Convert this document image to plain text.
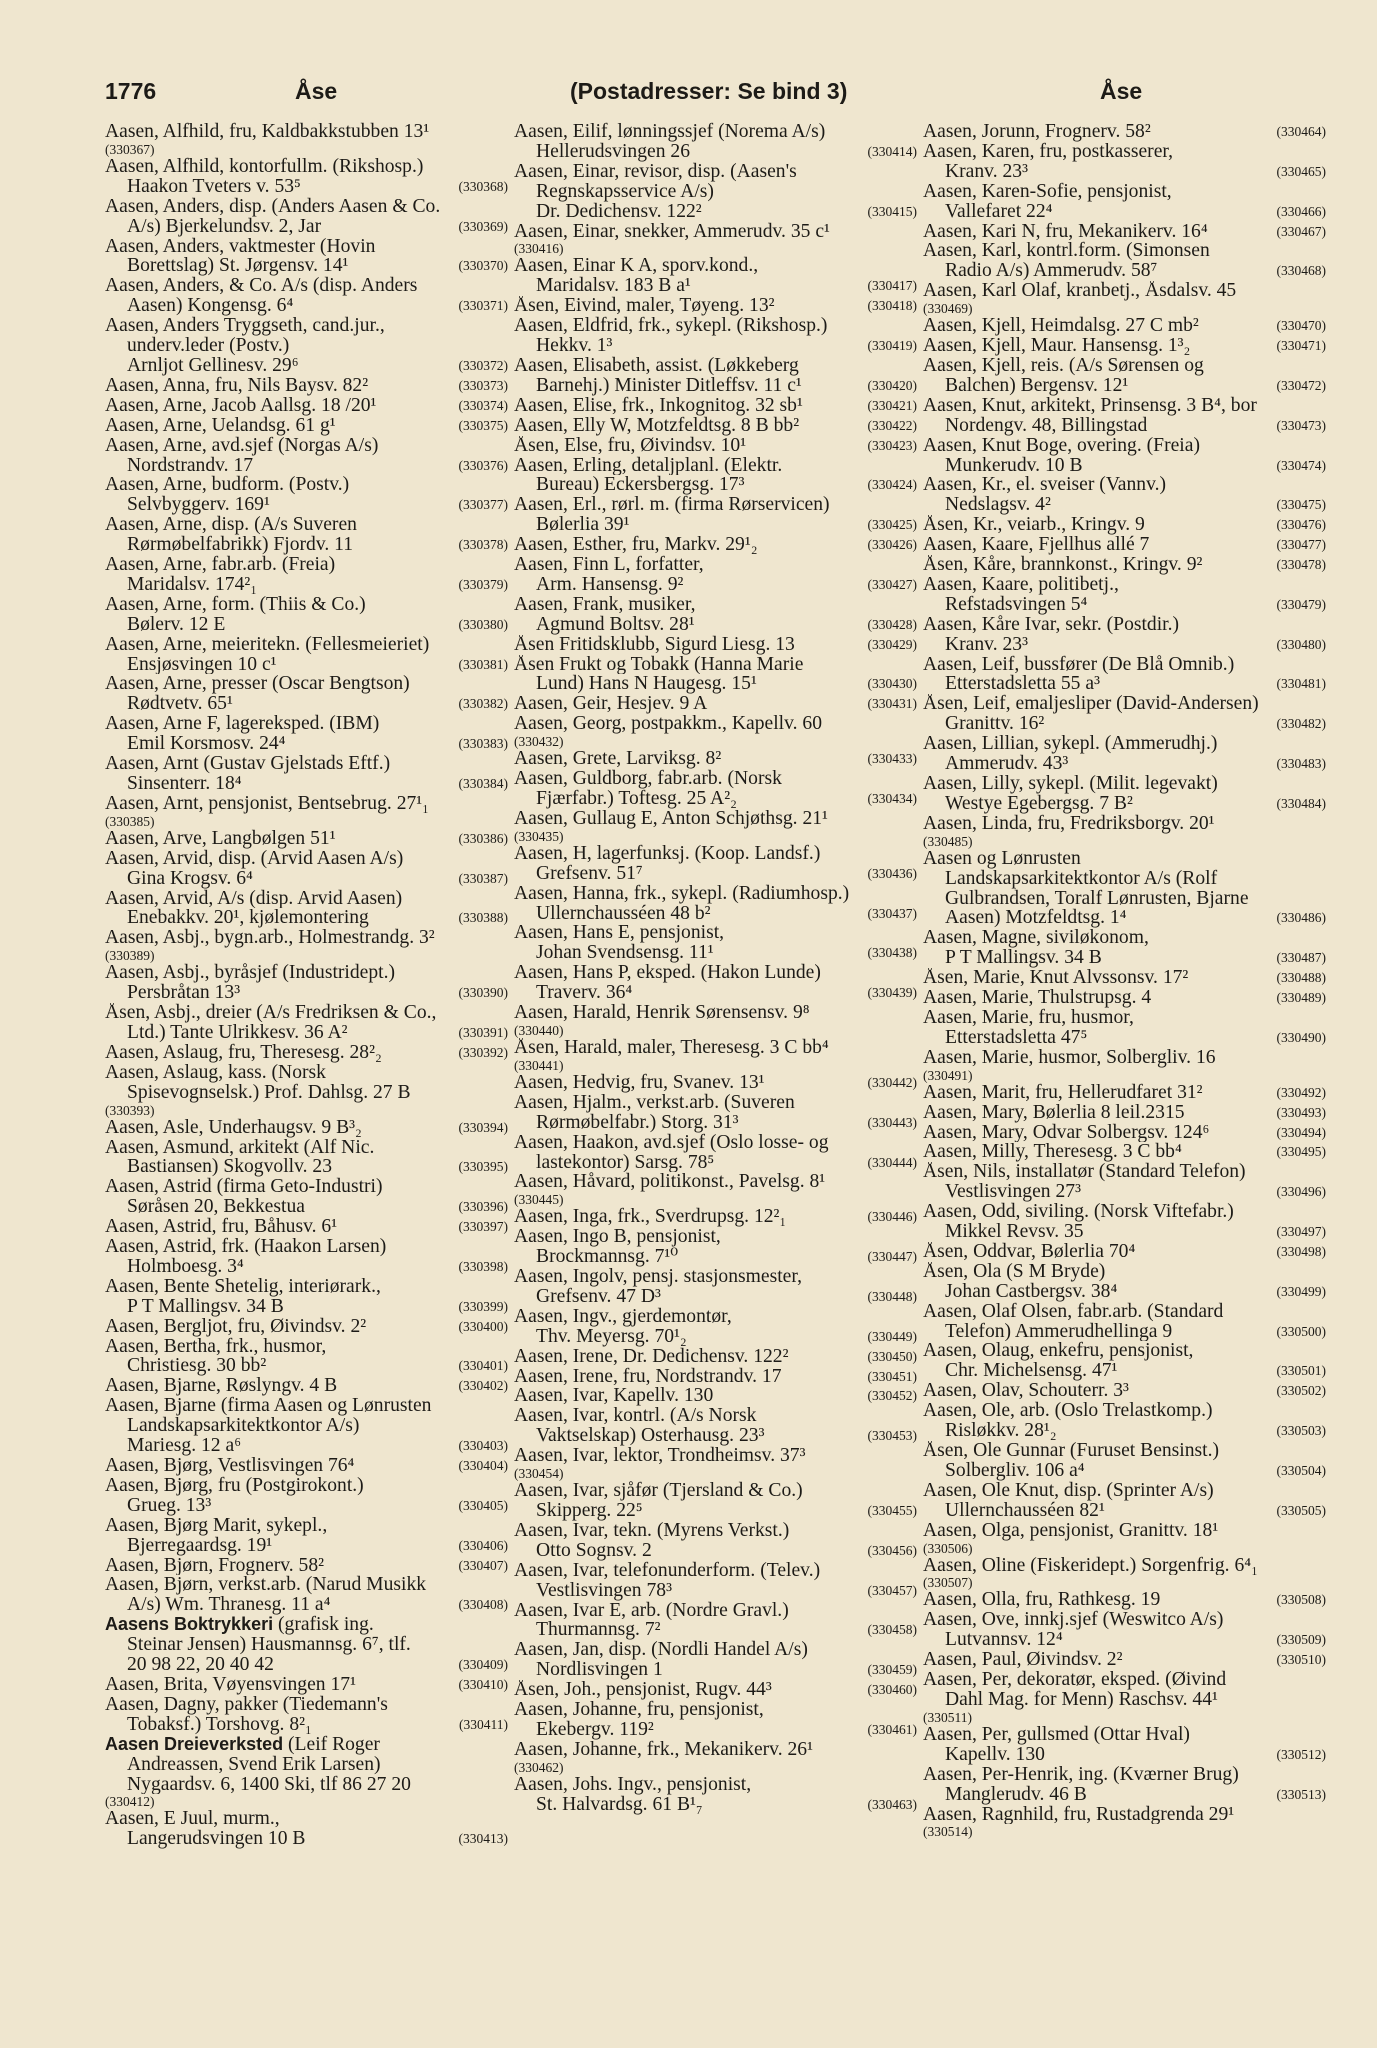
1776	Åse	(Postadresser: Se bind 3)	Åse
Aasen, Alfhild, fru, Kaldbakkstubben 13¹
(330367)
Aasen, Alfhild, kontorfullm. (Rikshosp.)
Haakon Tveters v. 53⁵	(330368)
Aasen, Anders, disp. (Anders Aasen & Co.
A/s) Bjerkelundsv. 2, Jar	(330369)
Aasen, Anders, vaktmester (Hovin
Borettslag) St. Jørgensv. 14¹	(330370)
Aasen, Anders, & Co. A/s (disp. Anders
Aasen) Kongensg. 6⁴	(330371)
Aasen, Anders Tryggseth, cand.jur.,
underv.leder (Postv.)
Arnljot Gellinesv. 29⁶	(330372)
Aasen, Anna, fru, Nils Baysv. 82²	(330373)
Aasen, Arne, Jacob Aallsg. 18 /20¹	(330374)
Aasen, Arne, Uelandsg. 61 g¹	(330375)
Aasen, Arne, avd.sjef (Norgas A/s)
Nordstrandv. 17	(330376)
Aasen, Arne, budform. (Postv.)
Selvbyggerv. 169¹	(330377)
Aasen, Arne, disp. (A/s Suveren
Rørmøbelfabrikk) Fjordv. 11	(330378)
Aasen, Arne, fabr.arb. (Freia)
Maridalsv. 174²₁	(330379)
Aasen, Arne, form. (Thiis & Co.)
Bølerv. 12 E	(330380)
Aasen, Arne, meieritekn. (Fellesmeieriet)
Ensjøsvingen 10 c¹	(330381)
Aasen, Arne, presser (Oscar Bengtson)
Rødtvetv. 65¹	(330382)
Aasen, Arne F, lagereksped. (IBM)
Emil Korsmosv. 24⁴	(330383)
Aasen, Arnt (Gustav Gjelstads Eftf.)
Sinsenterr. 18⁴	(330384)
Aasen, Arnt, pensjonist, Bentsebrug. 27¹₁
(330385)
Aasen, Arve, Langbølgen 51¹	(330386)
Aasen, Arvid, disp. (Arvid Aasen A/s)
Gina Krogsv. 6⁴	(330387)
Aasen, Arvid, A/s (disp. Arvid Aasen)
Enebakkv. 20¹, kjølemontering	(330388)
Aasen, Asbj., bygn.arb., Holmestrandg. 3²
(330389)
Aasen, Asbj., byråsjef (Industridept.)
Persbråtan 13³	(330390)
Åsen, Asbj., dreier (A/s Fredriksen & Co.,
Ltd.) Tante Ulrikkesv. 36 A²	(330391)
Aasen, Aslaug, fru, Theresesg. 28²₂	(330392)
Aasen, Aslaug, kass. (Norsk
Spisevognselsk.) Prof. Dahlsg. 27 B
(330393)
Aasen, Asle, Underhaugsv. 9 B³₂	(330394)
Aasen, Asmund, arkitekt (Alf Nic.
Bastiansen) Skogvollv. 23	(330395)
Aasen, Astrid (firma Geto-Industri)
Søråsen 20, Bekkestua	(330396)
Aasen, Astrid, fru, Båhusv. 6¹	(330397)
Aasen, Astrid, frk. (Haakon Larsen)
Holmboesg. 3⁴	(330398)
Aasen, Bente Shetelig, interiørark.,
P T Mallingsv. 34 B	(330399)
Aasen, Bergljot, fru, Øivindsv. 2²	(330400)
Aasen, Bertha, frk., husmor,
Christiesg. 30 bb²	(330401)
Aasen, Bjarne, Røslyngv. 4 B	(330402)
Aasen, Bjarne (firma Aasen og Lønrusten
Landskapsarkitektkontor A/s)
Mariesg. 12 a⁶	(330403)
Aasen, Bjørg, Vestlisvingen 76⁴	(330404)
Aasen, Bjørg, fru (Postgirokont.)
Grueg. 13³	(330405)
Aasen, Bjørg Marit, sykepl.,
Bjerregaardsg. 19¹	(330406)
Aasen, Bjørn, Frognerv. 58²	(330407)
Aasen, Bjørn, verkst.arb. (Narud Musikk
A/s) Wm. Thranesg. 11 a⁴	(330408)
Aasens Boktrykkeri (grafisk ing.
Steinar Jensen) Hausmannsg. 6⁷, tlf.
20 98 22, 20 40 42	(330409)
Aasen, Brita, Vøyensvingen 17¹	(330410)
Aasen, Dagny, pakker (Tiedemann's
Tobaksf.) Torshovg. 8²₁	(330411)
Aasen Dreieverksted (Leif Roger
Andreassen, Svend Erik Larsen)
Nygaardsv. 6, 1400 Ski, tlf 86 27 20
(330412)
Aasen, E Juul, murm.,
Langerudsvingen 10 B	(330413)
Aasen, Eilif, lønningssjef (Norema A/s)
Hellerudsvingen 26	(330414)
Aasen, Einar, revisor, disp. (Aasen's
Regnskapsservice A/s)
Dr. Dedichensv. 122²	(330415)
Aasen, Einar, snekker, Ammerudv. 35 c¹
(330416)
Aasen, Einar K A, sporv.kond.,
Maridalsv. 183 B a¹	(330417)
Åsen, Eivind, maler, Tøyeng. 13²	(330418)
Aasen, Eldfrid, frk., sykepl. (Rikshosp.)
Hekkv. 1³	(330419)
Aasen, Elisabeth, assist. (Løkkeberg
Barnehj.) Minister Ditleffsv. 11 c¹	(330420)
Aasen, Elise, frk., Inkognitog. 32 sb¹	(330421)
Aasen, Elly W, Motzfeldtsg. 8 B bb²	(330422)
Åsen, Else, fru, Øivindsv. 10¹	(330423)
Aasen, Erling, detaljplanl. (Elektr.
Bureau) Eckersbergsg. 17³	(330424)
Aasen, Erl., rørl. m. (firma Rørservicen)
Bølerlia 39¹	(330425)
Aasen, Esther, fru, Markv. 29¹₂	(330426)
Aasen, Finn L, forfatter,
Arm. Hansensg. 9²	(330427)
Aasen, Frank, musiker,
Agmund Boltsv. 28¹	(330428)
Åsen Fritidsklubb, Sigurd Liesg. 13	(330429)
Åsen Frukt og Tobakk (Hanna Marie
Lund) Hans N Haugesg. 15¹	(330430)
Aasen, Geir, Hesjev. 9 A	(330431)
Aasen, Georg, postpakkm., Kapellv. 60
(330432)
Aasen, Grete, Larviksg. 8²	(330433)
Aasen, Guldborg, fabr.arb. (Norsk
Fjærfabr.) Toftesg. 25 A²₂	(330434)
Aasen, Gullaug E, Anton Schjøthsg. 21¹
(330435)
Aasen, H, lagerfunksj. (Koop. Landsf.)
Grefsenv. 51⁷	(330436)
Aasen, Hanna, frk., sykepl. (Radiumhosp.)
Ullernchausséen 48 b²	(330437)
Aasen, Hans E, pensjonist,
Johan Svendsensg. 11¹	(330438)
Aasen, Hans P, eksped. (Hakon Lunde)
Traverv. 36⁴	(330439)
Aasen, Harald, Henrik Sørensensv. 9⁸
(330440)
Åsen, Harald, maler, Theresesg. 3 C bb⁴
(330441)
Aasen, Hedvig, fru, Svanev. 13¹	(330442)
Aasen, Hjalm., verkst.arb. (Suveren
Rørmøbelfabr.) Storg. 31³	(330443)
Aasen, Haakon, avd.sjef (Oslo losse- og
lastekontor) Sarsg. 78⁵	(330444)
Aasen, Håvard, politikonst., Pavelsg. 8¹
(330445)
Aasen, Inga, frk., Sverdrupsg. 12²₁	(330446)
Aasen, Ingo B, pensjonist,
Brockmannsg. 7¹⁰	(330447)
Aasen, Ingolv, pensj. stasjonsmester,
Grefsenv. 47 D³	(330448)
Aasen, Ingv., gjerdemontør,
Thv. Meyersg. 70¹₂	(330449)
Aasen, Irene, Dr. Dedichensv. 122²	(330450)
Aasen, Irene, fru, Nordstrandv. 17	(330451)
Aasen, Ivar, Kapellv. 130	(330452)
Aasen, Ivar, kontrl. (A/s Norsk
Vaktselskap) Osterhausg. 23³	(330453)
Aasen, Ivar, lektor, Trondheimsv. 37³
(330454)
Aasen, Ivar, sjåfør (Tjersland & Co.)
Skipperg. 22⁵	(330455)
Aasen, Ivar, tekn. (Myrens Verkst.)
Otto Sognsv. 2	(330456)
Aasen, Ivar, telefonunderform. (Telev.)
Vestlisvingen 78³	(330457)
Aasen, Ivar E, arb. (Nordre Gravl.)
Thurmannsg. 7²	(330458)
Aasen, Jan, disp. (Nordli Handel A/s)
Nordlisvingen 1	(330459)
Åsen, Joh., pensjonist, Rugv. 44³	(330460)
Aasen, Johanne, fru, pensjonist,
Ekebergv. 119²	(330461)
Aasen, Johanne, frk., Mekanikerv. 26¹
(330462)
Aasen, Johs. Ingv., pensjonist,
St. Halvardsg. 61 B¹₇	(330463)
Aasen, Jorunn, Frognerv. 58²	(330464)
Aasen, Karen, fru, postkasserer,
Kranv. 23³	(330465)
Aasen, Karen-Sofie, pensjonist,
Vallefaret 22⁴	(330466)
Aasen, Kari N, fru, Mekanikerv. 16⁴	(330467)
Aasen, Karl, kontrl.form. (Simonsen
Radio A/s) Ammerudv. 58⁷	(330468)
Aasen, Karl Olaf, kranbetj., Åsdalsv. 45
(330469)
Aasen, Kjell, Heimdalsg. 27 C mb²	(330470)
Aasen, Kjell, Maur. Hansensg. 1³₂	(330471)
Aasen, Kjell, reis. (A/s Sørensen og
Balchen) Bergensv. 12¹	(330472)
Aasen, Knut, arkitekt, Prinsensg. 3 B⁴, bor
Nordengv. 48, Billingstad	(330473)
Aasen, Knut Boge, overing. (Freia)
Munkerudv. 10 B	(330474)
Aasen, Kr., el. sveiser (Vannv.)
Nedslagsv. 4²	(330475)
Åsen, Kr., veiarb., Kringv. 9	(330476)
Aasen, Kaare, Fjellhus allé 7	(330477)
Åsen, Kåre, brannkonst., Kringv. 9²	(330478)
Aasen, Kaare, politibetj.,
Refstadsvingen 5⁴	(330479)
Aasen, Kåre Ivar, sekr. (Postdir.)
Kranv. 23³	(330480)
Aasen, Leif, bussfører (De Blå Omnib.)
Etterstadsletta 55 a³	(330481)
Åsen, Leif, emaljesliper (David-Andersen)
Granittv. 16²	(330482)
Aasen, Lillian, sykepl. (Ammerudhj.)
Ammerudv. 43³	(330483)
Aasen, Lilly, sykepl. (Milit. legevakt)
Westye Egebergsg. 7 B²	(330484)
Aasen, Linda, fru, Fredriksborgv. 20¹
(330485)
Aasen og Lønrusten
Landskapsarkitektkontor A/s (Rolf
Gulbrandsen, Toralf Lønrusten, Bjarne
Aasen) Motzfeldtsg. 1⁴	(330486)
Aasen, Magne, siviløkonom,
P T Mallingsv. 34 B	(330487)
Åsen, Marie, Knut Alvssonsv. 17²	(330488)
Aasen, Marie, Thulstrupsg. 4	(330489)
Aasen, Marie, fru, husmor,
Etterstadsletta 47⁵	(330490)
Aasen, Marie, husmor, Solbergliv. 16
(330491)
Aasen, Marit, fru, Hellerudfaret 31²	(330492)
Aasen, Mary, Bølerlia 8 leil.2315	(330493)
Aasen, Mary, Odvar Solbergsv. 124⁶	(330494)
Aasen, Milly, Theresesg. 3 C bb⁴	(330495)
Åsen, Nils, installatør (Standard Telefon)
Vestlisvingen 27³	(330496)
Aasen, Odd, siviling. (Norsk Viftefabr.)
Mikkel Revsv. 35	(330497)
Åsen, Oddvar, Bølerlia 70⁴	(330498)
Åsen, Ola (S M Bryde)
Johan Castbergsv. 38⁴	(330499)
Aasen, Olaf Olsen, fabr.arb. (Standard
Telefon) Ammerudhellinga 9	(330500)
Aasen, Olaug, enkefru, pensjonist,
Chr. Michelsensg. 47¹	(330501)
Aasen, Olav, Schouterr. 3³	(330502)
Aasen, Ole, arb. (Oslo Trelastkomp.)
Risløkkv. 28¹₂	(330503)
Åsen, Ole Gunnar (Furuset Bensinst.)
Solbergliv. 106 a⁴	(330504)
Aasen, Ole Knut, disp. (Sprinter A/s)
Ullernchausséen 82¹	(330505)
Aasen, Olga, pensjonist, Granittv. 18¹
(330506)
Aasen, Oline (Fiskeridept.) Sorgenfrig. 6⁴₁
(330507)
Aasen, Olla, fru, Rathkesg. 19	(330508)
Aasen, Ove, innkj.sjef (Weswitco A/s)
Lutvannsv. 12⁴	(330509)
Aasen, Paul, Øivindsv. 2²	(330510)
Aasen, Per, dekoratør, eksped. (Øivind
Dahl Mag. for Menn) Raschsv. 44¹
(330511)
Aasen, Per, gullsmed (Ottar Hval)
Kapellv. 130	(330512)
Aasen, Per-Henrik, ing. (Kværner Brug)
Manglerudv. 46 B	(330513)
Aasen, Ragnhild, fru, Rustadgrenda 29¹
(330514)
